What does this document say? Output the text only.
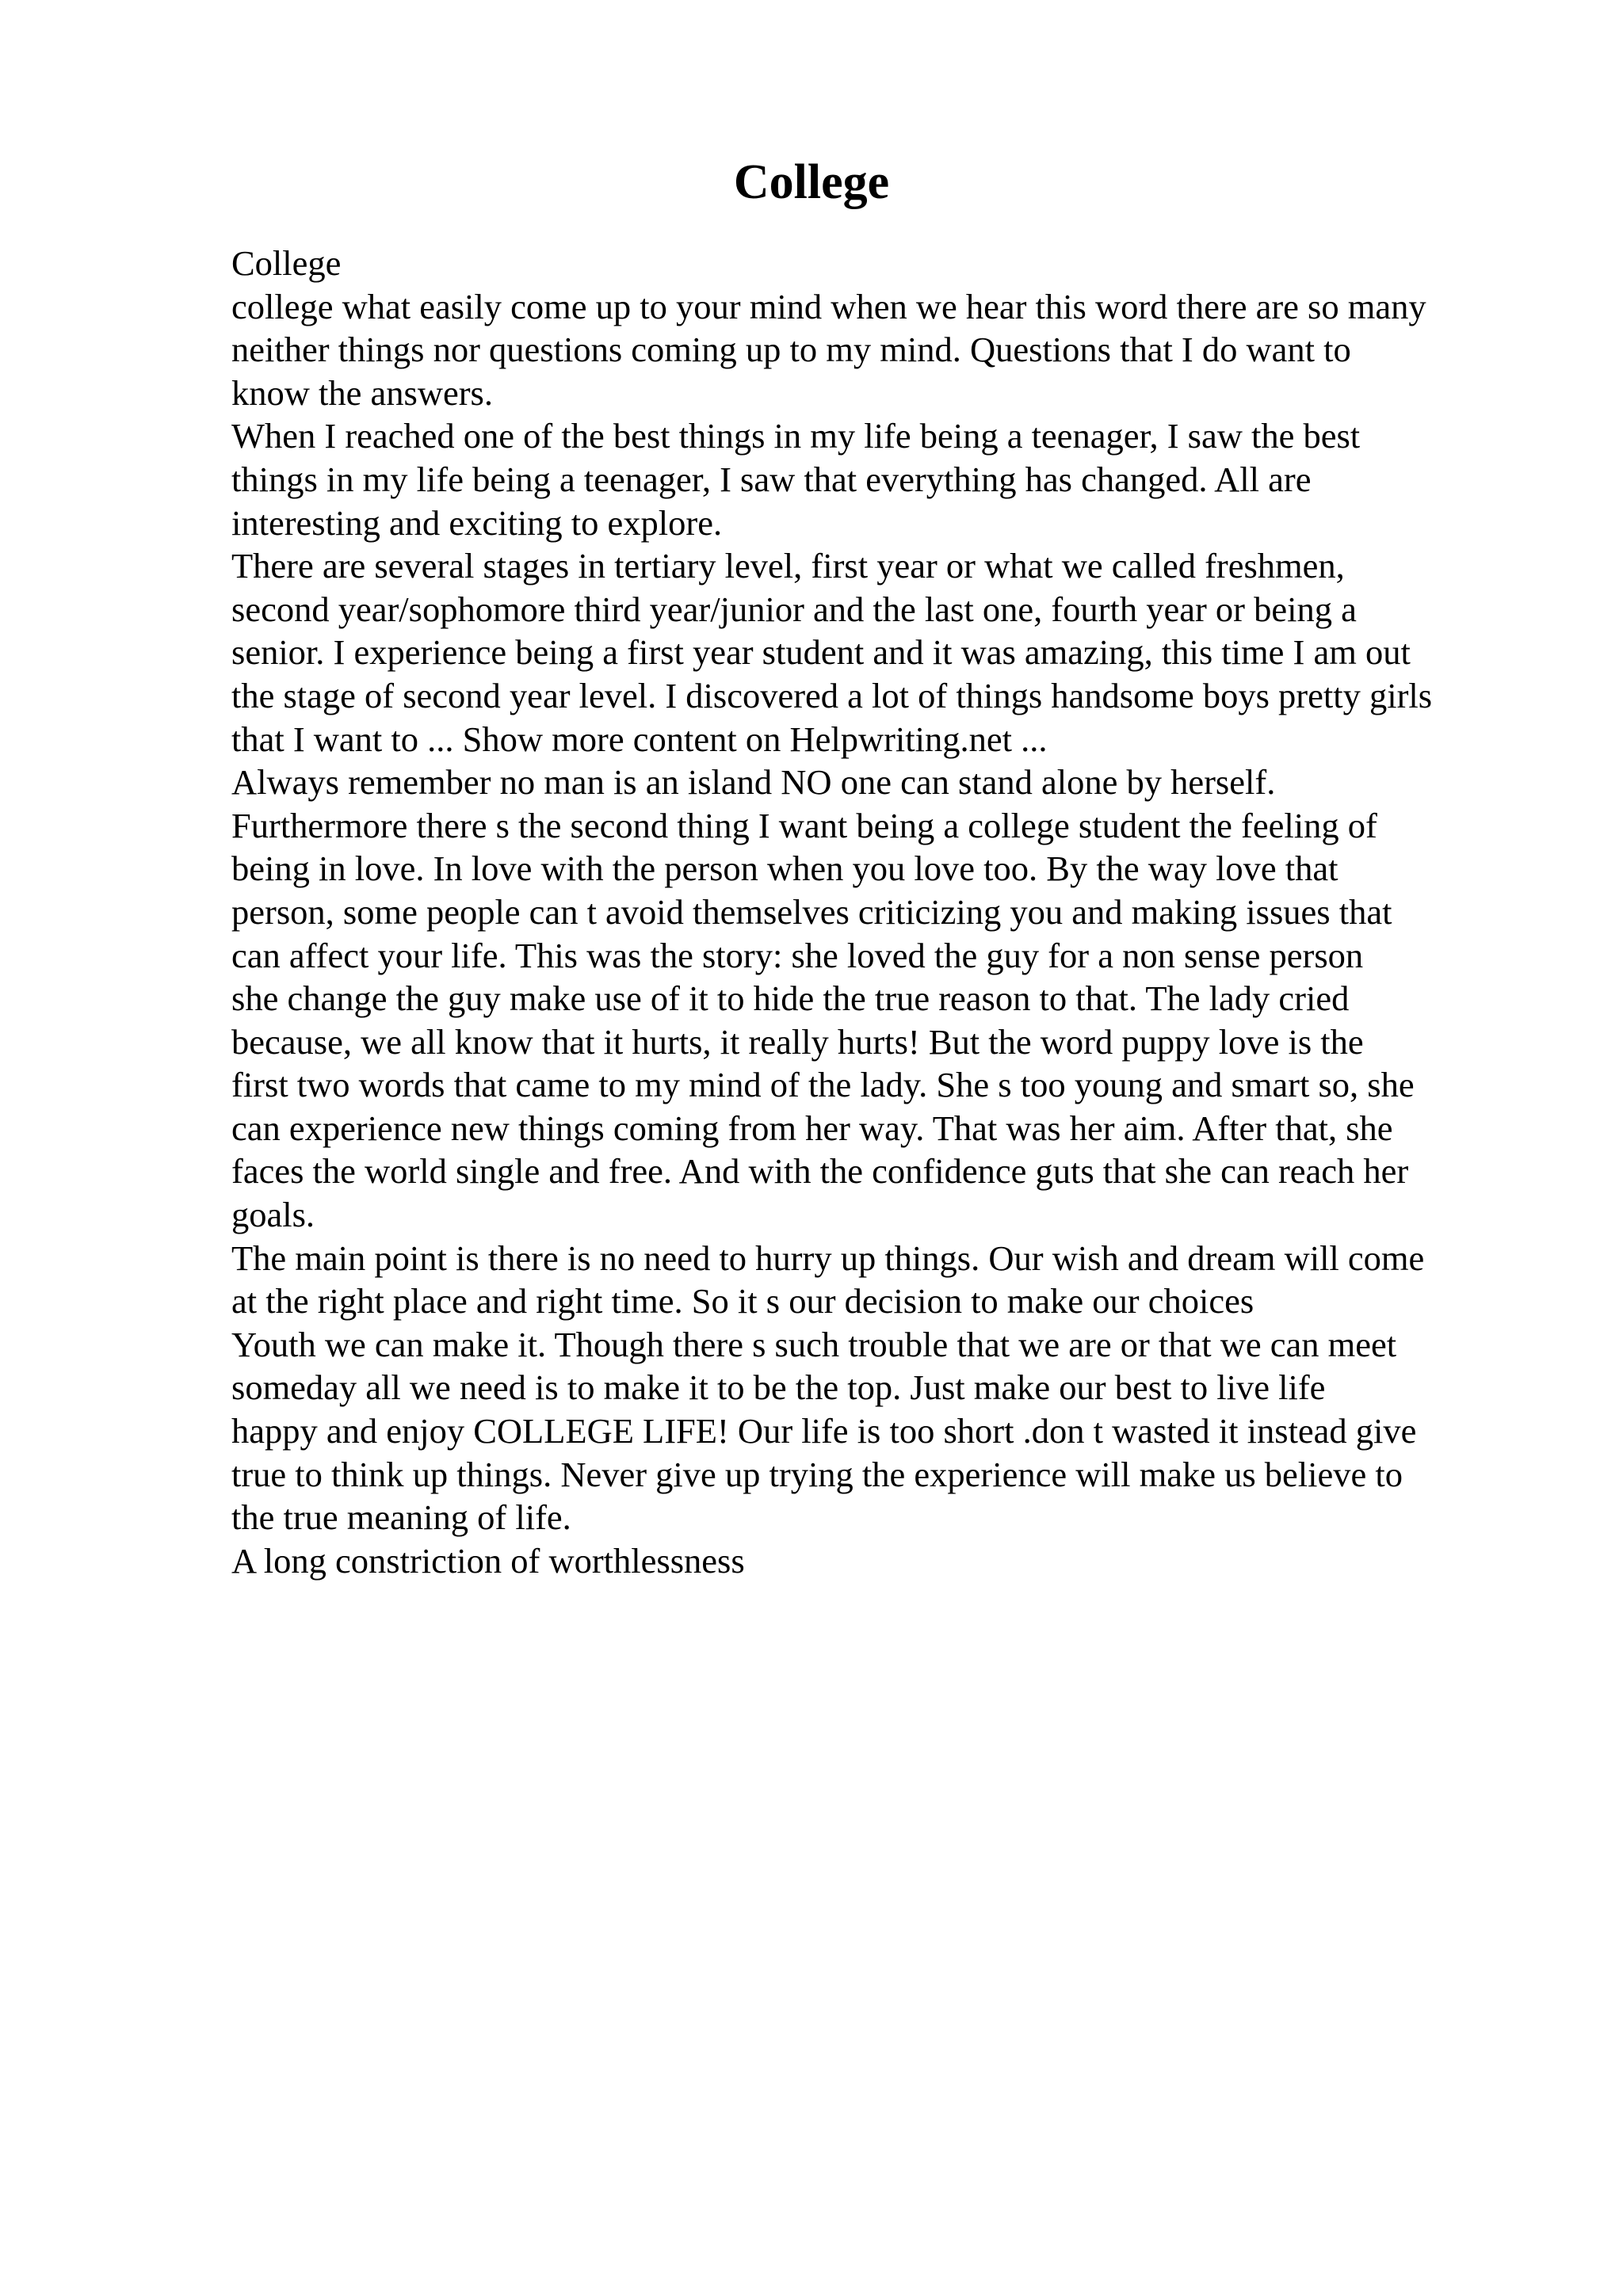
College

College

college what easily come up to your mind when we hear this word there are so many

neither things nor questions coming up to my mind. Questions that I do want to

know the answers.

When I reached one of the best things in my life being a teenager, I saw the best

things in my life being a teenager, I saw that everything has changed. All are

interesting and exciting to explore.

There are several stages in tertiary level, first year or what we called freshmen,

second year/sophomore third year/junior and the last one, fourth year or being a

senior. I experience being a first year student and it was amazing, this time I am out

the stage of second year level. I discovered a lot of things handsome boys pretty girls

that I want to ... Show more content on Helpwriting.net ...

Always remember no man is an island NO one can stand alone by herself.

Furthermore there s the second thing I want being a college student the feeling of

being in love. In love with the person when you love too. By the way love that

person, some people can t avoid themselves criticizing you and making issues that

can affect your life. This was the story: she loved the guy for a non sense person

she change the guy make use of it to hide the true reason to that. The lady cried

because, we all know that it hurts, it really hurts! But the word puppy love is the

first two words that came to my mind of the lady. She s too young and smart so, she

can experience new things coming from her way. That was her aim. After that, she

faces the world single and free. And with the confidence guts that she can reach her

goals.

The main point is there is no need to hurry up things. Our wish and dream will come

at the right place and right time. So it s our decision to make our choices

Youth we can make it. Though there s such trouble that we are or that we can meet

someday all we need is to make it to be the top. Just make our best to live life

happy and enjoy COLLEGE LIFE! Our life is too short .don t wasted it instead give

true to think up things. Never give up trying the experience will make us believe to

the true meaning of life.

A long constriction of worthlessness
